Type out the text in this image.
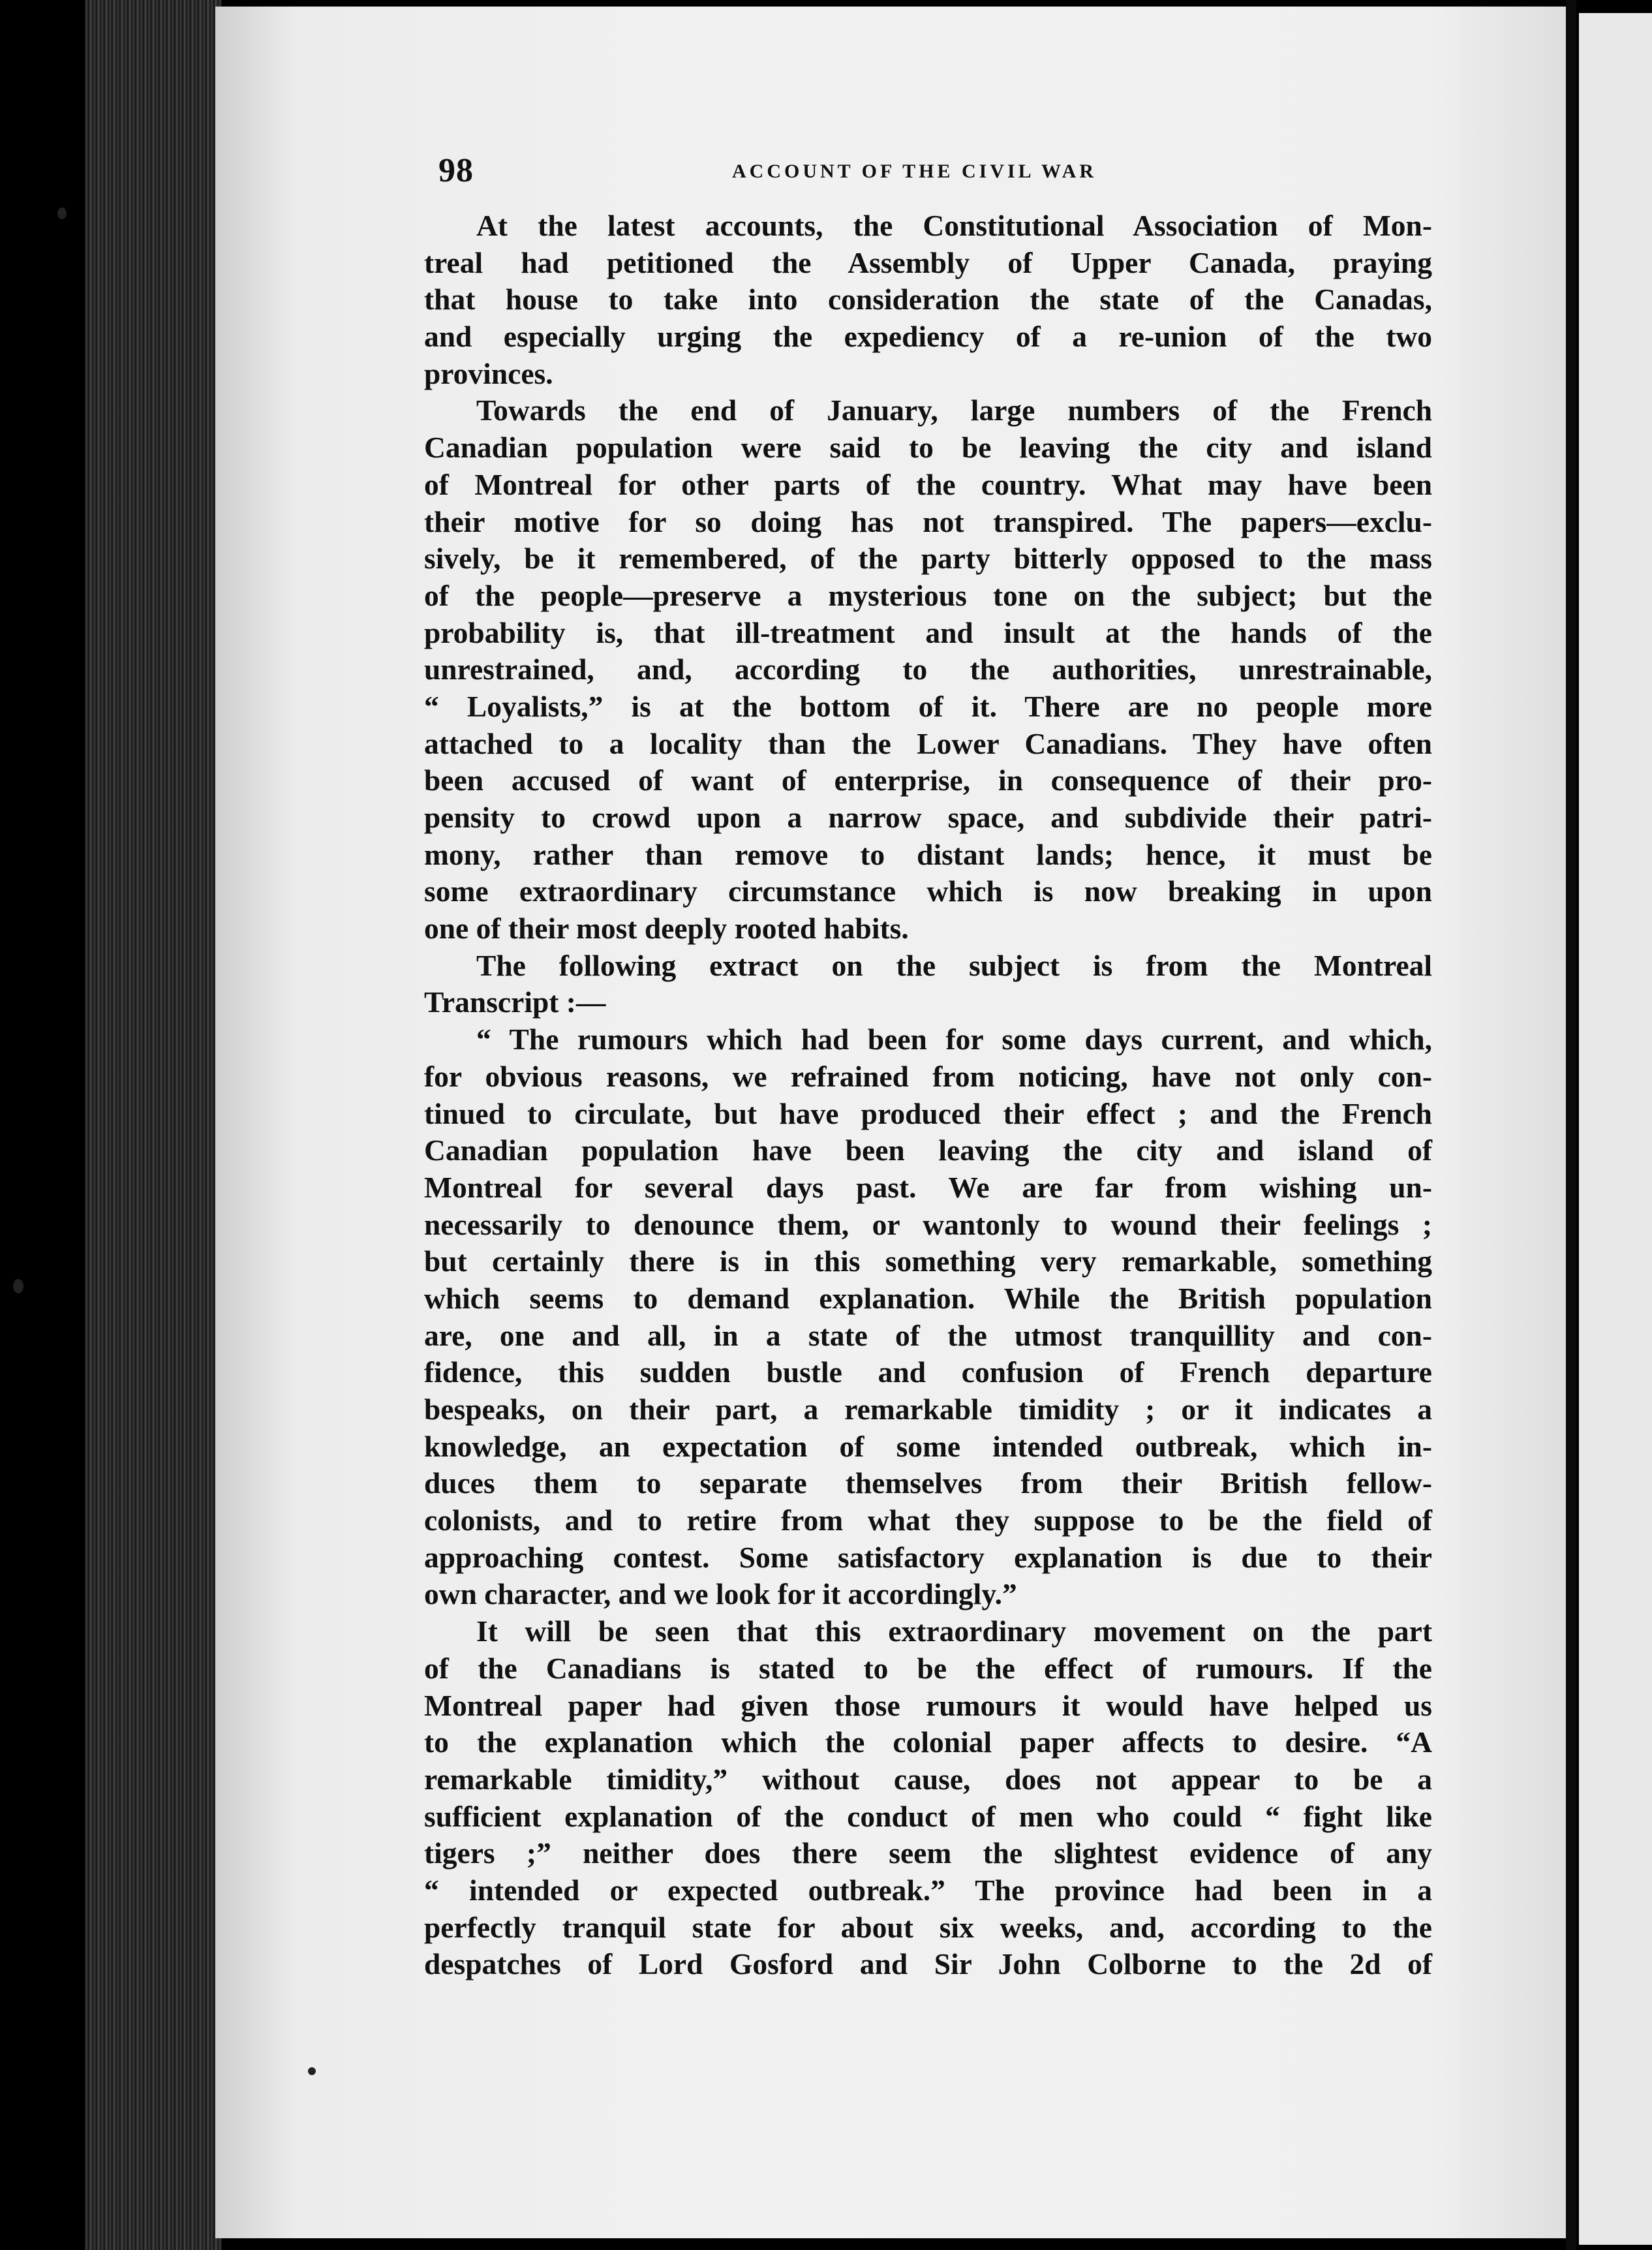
98	ACCOUNT OF THE CIVIL WAR
At the latest accounts, the Constitutional Association of Mon-
treal had petitioned the Assembly of Upper Canada, praying
that house to take into consideration the state of the Canadas,
and especially urging the expediency of a re-union of the two
provinces.
Towards the end of January, large numbers of the French
Canadian population were said to be leaving the city and island
of Montreal for other parts of the country. What may have been
their motive for so doing has not transpired. The papers—exclu-
sively, be it remembered, of the party bitterly opposed to the mass
of the people—preserve a mysterious tone on the subject; but the
probability is, that ill-treatment and insult at the hands of the
unrestrained, and, according to the authorities, unrestrainable,
“ Loyalists,” is at the bottom of it. There are no people more
attached to a locality than the Lower Canadians. They have often
been accused of want of enterprise, in consequence of their pro-
pensity to crowd upon a narrow space, and subdivide their patri-
mony, rather than remove to distant lands; hence, it must be
some extraordinary circumstance which is now breaking in upon
one of their most deeply rooted habits.
The following extract on the subject is from the Montreal
Transcript :—
“ The rumours which had been for some days current, and which,
for obvious reasons, we refrained from noticing, have not only con-
tinued to circulate, but have produced their effect ; and the French
Canadian population have been leaving the city and island of
Montreal for several days past. We are far from wishing un-
necessarily to denounce them, or wantonly to wound their feelings ;
but certainly there is in this something very remarkable, something
which seems to demand explanation. While the British population
are, one and all, in a state of the utmost tranquillity and con-
fidence, this sudden bustle and confusion of French departure
bespeaks, on their part, a remarkable timidity ; or it indicates a
knowledge, an expectation of some intended outbreak, which in-
duces them to separate themselves from their British fellow-
colonists, and to retire from what they suppose to be the field of
approaching contest. Some satisfactory explanation is due to their
own character, and we look for it accordingly.”
It will be seen that this extraordinary movement on the part
of the Canadians is stated to be the effect of rumours. If the
Montreal paper had given those rumours it would have helped us
to the explanation which the colonial paper affects to desire. “A
remarkable timidity,” without cause, does not appear to be a
sufficient explanation of the conduct of men who could “ fight like
tigers ;” neither does there seem the slightest evidence of any
“ intended or expected outbreak.” The province had been in a
perfectly tranquil state for about six weeks, and, according to the
despatches of Lord Gosford and Sir John Colborne to the 2d of
